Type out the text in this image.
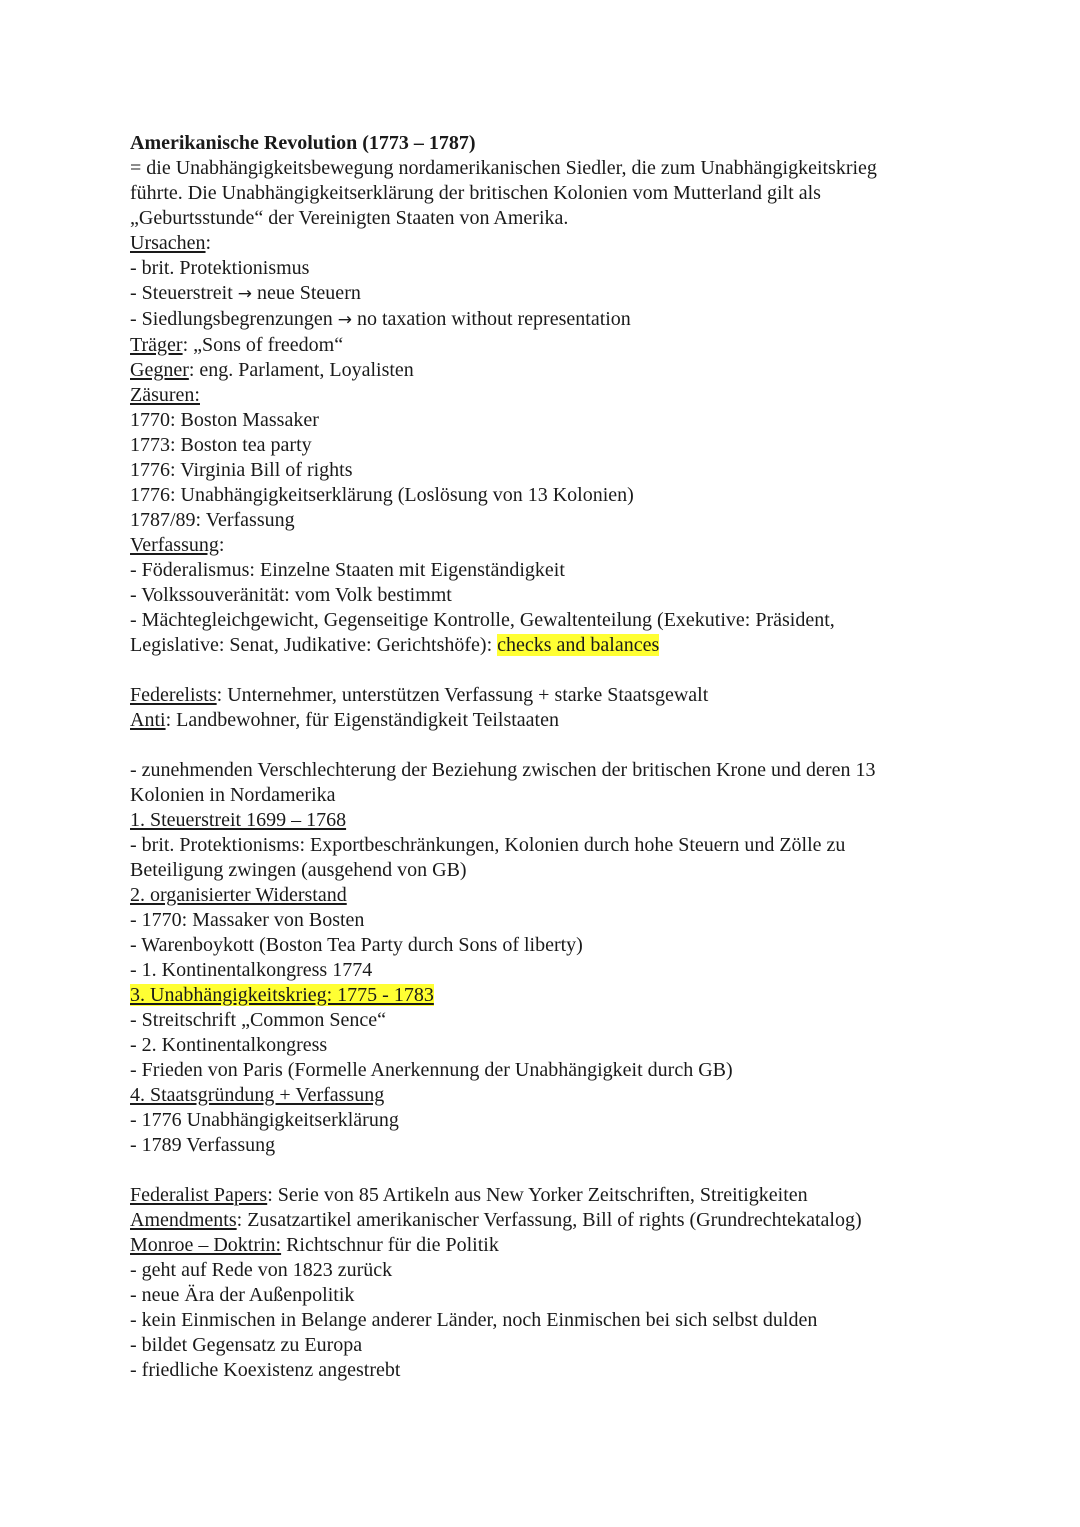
Amerikanische Revolution (1773 – 1787)
= die Unabhängigkeitsbewegung nordamerikanischen Siedler, die zum Unabhängigkeitskrieg
führte. Die Unabhängigkeitserklärung der britischen Kolonien vom Mutterland gilt als
„Geburtsstunde“ der Vereinigten Staaten von Amerika.
Ursachen:
- brit. Protektionismus
- Steuerstreit → neue Steuern
- Siedlungsbegrenzungen → no taxation without representation
Träger: „Sons of freedom“
Gegner: eng. Parlament, Loyalisten
Zäsuren:
1770: Boston Massaker
1773: Boston tea party
1776: Virginia Bill of rights
1776: Unabhängigkeitserklärung (Loslösung von 13 Kolonien)
1787/89: Verfassung
Verfassung:
- Föderalismus: Einzelne Staaten mit Eigenständigkeit
- Volkssouveränität: vom Volk bestimmt
- Mächtegleichgewicht, Gegenseitige Kontrolle, Gewaltenteilung (Exekutive: Präsident,
Legislative: Senat, Judikative: Gerichtshöfe): checks and balances
Federelists: Unternehmer, unterstützen Verfassung + starke Staatsgewalt
Anti: Landbewohner, für Eigenständigkeit Teilstaaten
- zunehmenden Verschlechterung der Beziehung zwischen der britischen Krone und deren 13
Kolonien in Nordamerika
1. Steuerstreit 1699 – 1768
- brit. Protektionisms: Exportbeschränkungen, Kolonien durch hohe Steuern und Zölle zu
Beteiligung zwingen (ausgehend von GB)
2. organisierter Widerstand
- 1770: Massaker von Bosten
- Warenboykott (Boston Tea Party durch Sons of liberty)
- 1. Kontinentalkongress 1774
3. Unabhängigkeitskrieg: 1775 - 1783
- Streitschrift „Common Sence“
- 2. Kontinentalkongress
- Frieden von Paris (Formelle Anerkennung der Unabhängigkeit durch GB)
4. Staatsgründung + Verfassung
- 1776 Unabhängigkeitserklärung
- 1789 Verfassung
Federalist Papers: Serie von 85 Artikeln aus New Yorker Zeitschriften, Streitigkeiten
Amendments: Zusatzartikel amerikanischer Verfassung, Bill of rights (Grundrechtekatalog)
Monroe – Doktrin: Richtschnur für die Politik
- geht auf Rede von 1823 zurück
- neue Ära der Außenpolitik
- kein Einmischen in Belange anderer Länder, noch Einmischen bei sich selbst dulden
- bildet Gegensatz zu Europa
- friedliche Koexistenz angestrebt
